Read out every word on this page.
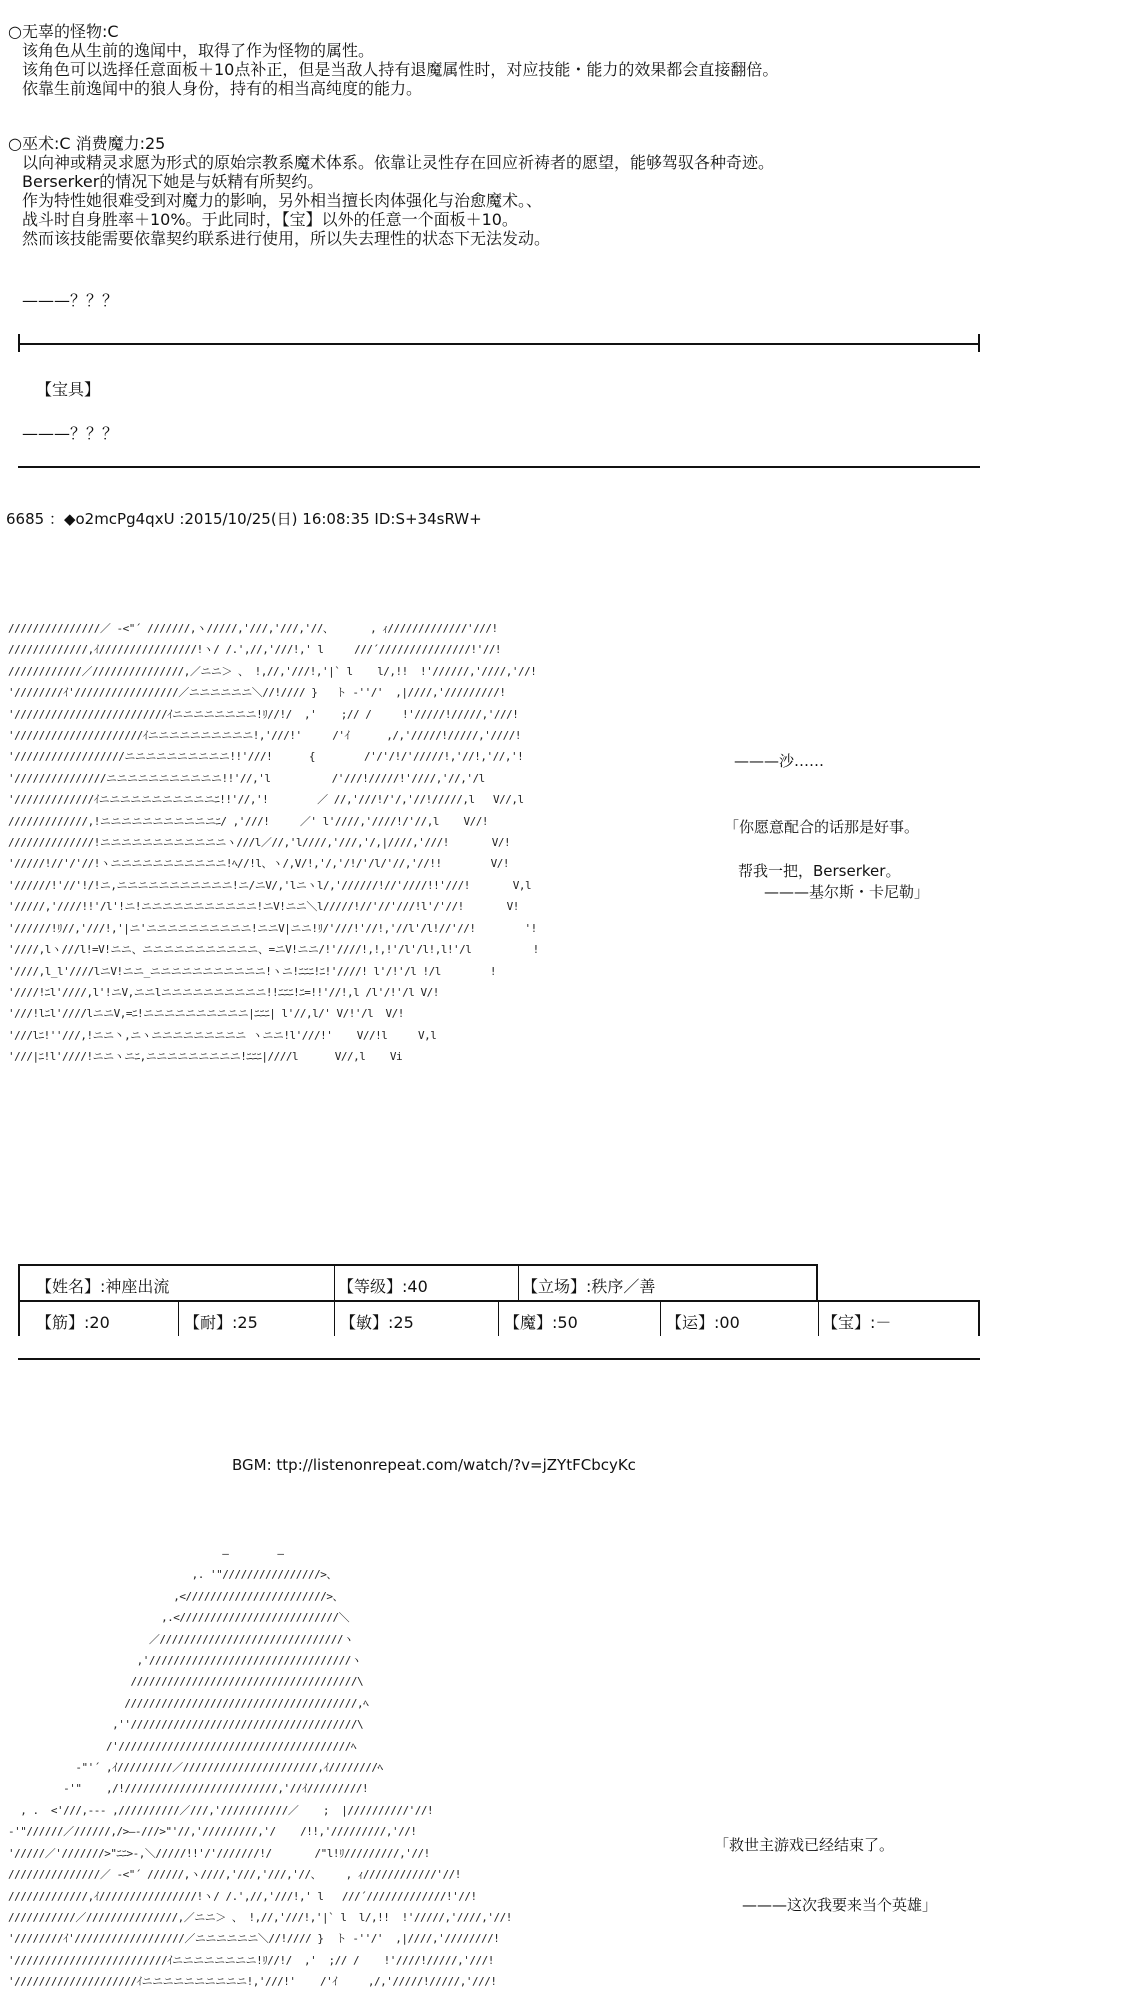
○无辜的怪物:C
该角色从生前的逸闻中，取得了作为怪物的属性。
该角色可以选择任意面板＋10点补正，但是当敌人持有退魔属性时，对应技能・能力的效果都会直接翻倍。
依靠生前逸闻中的狼人身份，持有的相当高纯度的能力。
○巫术:C 消费魔力:25
以向神或精灵求愿为形式的原始宗教系魔术体系。依靠让灵性存在回应祈祷者的愿望，能够驾驭各种奇迹。
Berserker的情况下她是与妖精有所契约。
作为特性她很难受到对魔力的影响，另外相当擅长肉体强化与治愈魔术。、
战斗时自身胜率＋10%。于此同时，【宝】以外的任意一个面板＋10。
然而该技能需要依靠契约联系进行使用，所以失去理性的状态下无法发动。
———？？？
【宝具】
———？？？
6685 ：◆o2mcPg4qxU :2015/10/25(日) 16:08:35 ID:S+34sRW+
///////////////／ -<"´ ///////,ヽ/////,'///,'///,'//、      , ｨ/////////////'///!
/////////////,ｲ////////////////!ヽ/ /.',//,'///!,' l     ///´///////////////!'//!
////////////／///////////////,／ニニ＞ 、 !,//,'///!,'|` l    l/,!!  !'//////,'////,'//!
'////////ｲ'/////////////////／ニニニニニニ＼//!//// }   ト -''/'  ,|////,'/////////!
'/////////////////////////ｲニニニニニニニニ!ﾘ//!/  ,'    ;// /     !'/////!/////,'///!
'/////////////////////ｲニニニニニニニニニニ!,'///!'     /'ｲ      ,/,'/////!/////,'////!
'//////////////////ニニニニニニニニニニ!!'///!      {        /'/'/!/'/////!,'//!,'//,'!
'///////////////ニニニニニニニニニニニ!!'//,'l          /'///!/////!'////,'//,'/l
'/////////////ｲニニニニニニニニニニニﾆ!!'//,'!        ／ //,'///!/'/,'//!/////,l   V//,l
/////////////,!ニニニニニニニニニニニﾆ/ ,'///!     ／' l'////,'////!/'//,l    V//!
//////////////!ニニニニニニニニニニニニヽ///l／//,'l////,'///,'/,|////,'///!       V/!
'/////!//'/'//!ヽニニニニニニニニニニニ!ﾍ//!l、ヽ/,V/!,'/,'/!/'/l/'//,'//!!        V/!
'//////!'//'!/!ニ,ニニニニニニニニニニニ!ニ/ニV/,'lニヽl/,'//////!//'////!!'///!       V,l
'/////,'////!!'/l'!ニ!ニニニニニニニニニニニ!ニV!ニニ＼l/////!//'//'///!l'/'//!       V!
'//////!ﾘ//,'///!,'|ニ'ニニニニニニニニニニ!ニニV|ニニ!ﾘ/'///!'//!,'//l'/l!//'//!        '!
'////,lヽ///l!=V!ニニ、ニニニニニニニニニニニ、=ニV!ニニ/!'////!,!,!'/l'/l!,l!'/l          !
'////,l_l'////lニV!ニニ_ニニニニニニニニニニニ!ヽニ!ﾆﾆﾆ!ﾆ!'////! l'/!'/l !/l        !
'////!ﾆl'////,l'!ニV,ニニlニニニニニニニニニニ!!ﾆﾆﾆ!ﾆ=!!'//!,l /l'/!'/l V/!
'///!lﾆl'////lニニV,=ﾆ!ニニニニニニニニニニ|ﾆﾆﾆ| l'//,l/' V/!'/l  V/!
'///lﾆ!''///,!ニニ丶,ニヽニニニニニニニニニ ヽニニ!l'///!'    V//!l     V,l
'///|ﾆ!l'////!ニニヽニﾆ,ニニニニニニニニニ!ﾆﾆﾆ|////l      V//,l    Vi
———沙……
「你愿意配合的话那是好事。
帮我一把，Berserker。
———基尔斯・卡尼勒」
【姓名】:神座出流	【等级】:40	【立场】:秩序／善
【筋】:20	【耐】:25	【敏】:25	【魔】:50	【运】:00	【宝】:－
BGM: ttp://listenonrepeat.com/watch/?v=jZYtFCbcyKc
—        —
,. '"////////////////>、
,<///////////////////////>、
,.<//////////////////////////＼
／//////////////////////////////ヽ
,'/////////////////////////////////ヽ
/////////////////////////////////////\
//////////////////////////////////////,ﾍ
,''/////////////////////////////////////\
/'//////////////////////////////////////ﾍ
-"'´ ,ｲ/////////／//////////////////////,ｲ////////ﾍ
-'"    ,/!/////////////////////////,'//ｲ/////////!
, .  <'///,--- ,//////////／///,'///////////／    ;  |//////////'//!
-'"//////／//////,/>—-///>"'//,'/////////,'/    /!!,'/////////,'//!
'/////／'///////>"ﾆﾆ>-,＼/////!!'/'///////!/       /"l!ﾘ/////////,'//!
///////////////／ -<"´ //////,ヽ////,'///,'///,'//、    , ｨ////////////'//!
/////////////,ｲ////////////////!ヽ/ /.',//,'///!,' l   ///´/////////////!'//!
///////////／///////////////,／ニニ＞ 、 !,//,'///!,'|` l  l/,!!  !'/////,'////,'//!
'////////ｲ'//////////////////／ニニニニニニ＼//!//// }  ト -''/'  ,|////,'////////!
'/////////////////////////ｲニニニニニニニニ!ﾘ//!/  ,'  ;// /    !'////!/////,'///!
'////////////////////ｲニニニニニニニニニニ!,'///!'    /'ｲ     ,/,'/////!/////,'///!
「救世主游戏已经结束了。
———这次我要来当个英雄」
